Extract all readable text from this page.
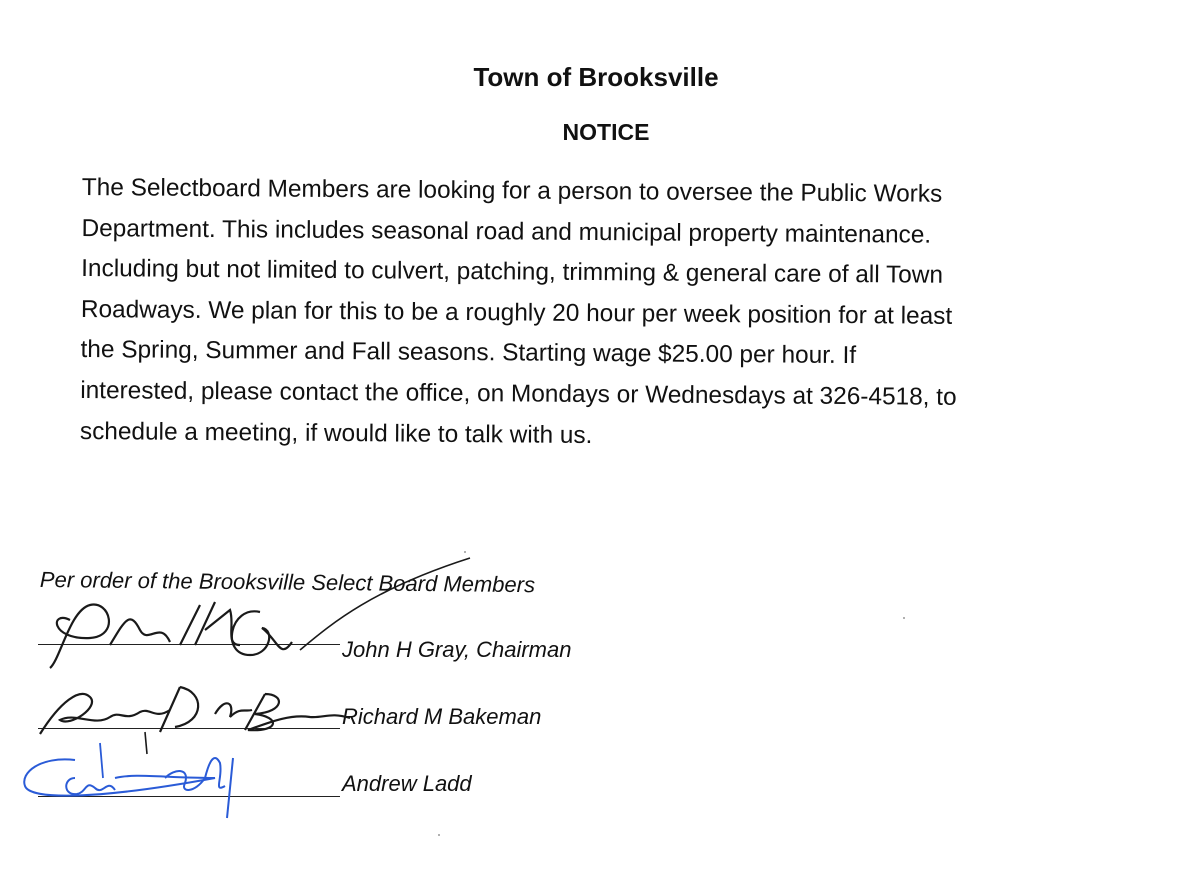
Town of Brooksville
NOTICE

The Selectboard Members are looking for a person to oversee the Public Works
Department. This includes seasonal road and municipal property maintenance.
Including but not limited to culvert, patching, trimming & general care of all Town
Roadways. We plan for this to be a roughly 20 hour per week position for at least
the Spring, Summer and Fall seasons. Starting wage $25.00 per hour. If
interested, please contact the office, on Mondays or Wednesdays at 326-4518, to
schedule a meeting, if would like to talk with us.

Per order of the Brooksville Select Board Members
John H Gray, Chairman
Richard M Bakeman
Andrew Ladd
